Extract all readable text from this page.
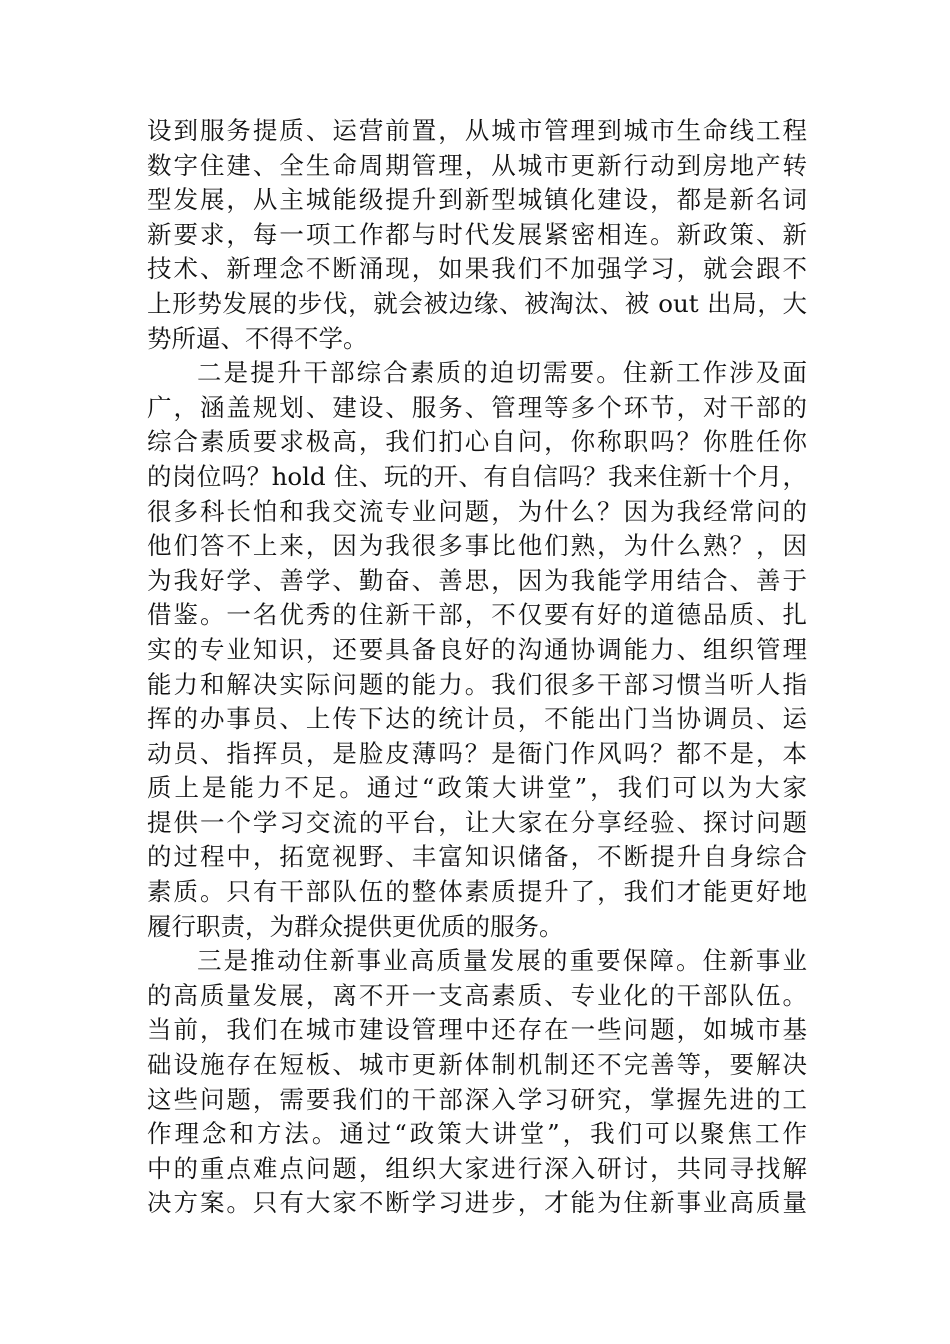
设到服务提质、运营前置，从城市管理到城市生命线工程
数字住建、全生命周期管理，从城市更新行动到房地产转
型发展，从主城能级提升到新型城镇化建设，都是新名词
新要求，每一项工作都与时代发展紧密相连。新政策、新
技术、新理念不断涌现，如果我们不加强学习，就会跟不
上形势发展的步伐，就会被边缘、被淘汰、被 out 出局，大
势所逼、不得不学。
二是提升干部综合素质的迫切需要。住新工作涉及面
广，涵盖规划、建设、服务、管理等多个环节，对干部的
综合素质要求极高，我们扪心自问，你称职吗？你胜任你
的岗位吗？hold 住、玩的开、有自信吗？我来住新十个月，
很多科长怕和我交流专业问题，为什么？因为我经常问的
他们答不上来，因为我很多事比他们熟，为什么熟？，因
为我好学、善学、勤奋、善思，因为我能学用结合、善于
借鉴。一名优秀的住新干部，不仅要有好的道德品质、扎
实的专业知识，还要具备良好的沟通协调能力、组织管理
能力和解决实际问题的能力。我们很多干部习惯当听人指
挥的办事员、上传下达的统计员，不能出门当协调员、运
动员、指挥员，是脸皮薄吗？是衙门作风吗？都不是，本
质上是能力不足。通过“政策大讲堂”，我们可以为大家
提供一个学习交流的平台，让大家在分享经验、探讨问题
的过程中，拓宽视野、丰富知识储备，不断提升自身综合
素质。只有干部队伍的整体素质提升了，我们才能更好地
履行职责，为群众提供更优质的服务。
三是推动住新事业高质量发展的重要保障。住新事业
的高质量发展，离不开一支高素质、专业化的干部队伍。
当前，我们在城市建设管理中还存在一些问题，如城市基
础设施存在短板、城市更新体制机制还不完善等，要解决
这些问题，需要我们的干部深入学习研究，掌握先进的工
作理念和方法。通过“政策大讲堂”，我们可以聚焦工作
中的重点难点问题，组织大家进行深入研讨，共同寻找解
决方案。只有大家不断学习进步，才能为住新事业高质量
